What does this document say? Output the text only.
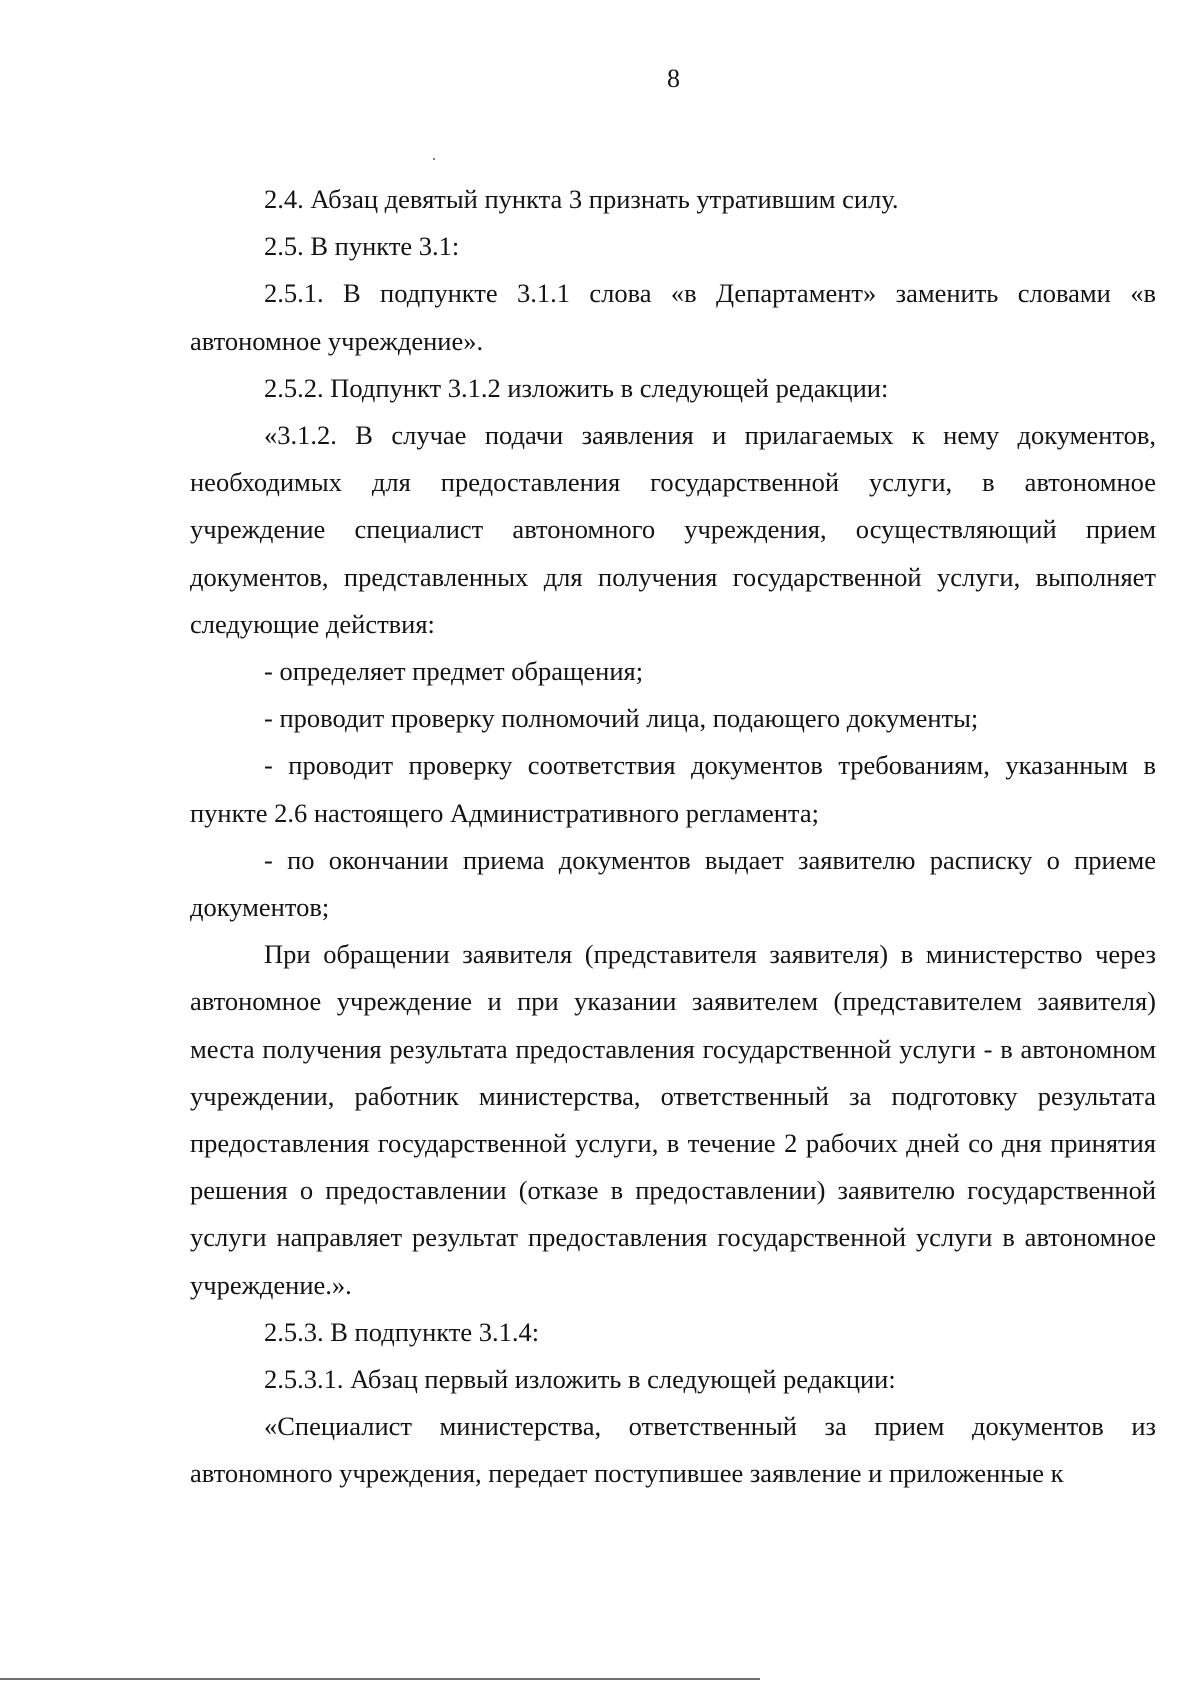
8

2.4. Абзац девятый пункта 3 признать утратившим силу.

2.5. В пункте 3.1:

2.5.1. В подпункте 3.1.1 слова «в Департамент» заменить словами «в автономное учреждение».

2.5.2. Подпункт 3.1.2 изложить в следующей редакции:

«3.1.2. В случае подачи заявления и прилагаемых к нему документов, необходимых для предоставления государственной услуги, в автономное учреждение специалист автономного учреждения, осуществляющий прием документов, представленных для получения государственной услуги, выполняет следующие действия:

- определяет предмет обращения;

- проводит проверку полномочий лица, подающего документы;

- проводит проверку соответствия документов требованиям, указанным в пункте 2.6 настоящего Административного регламента;

- по окончании приема документов выдает заявителю расписку о приеме документов;

При обращении заявителя (представителя заявителя) в министерство через автономное учреждение и при указании заявителем (представителем заявителя) места получения результата предоставления государственной услуги - в автономном учреждении, работник министерства, ответственный за подготовку результата предоставления государственной услуги, в течение 2 рабочих дней со дня принятия решения о предоставлении (отказе в предоставлении) заявителю государственной услуги направляет результат предоставления государственной услуги в автономное учреждение.».

2.5.3. В подпункте 3.1.4:

2.5.3.1. Абзац первый изложить в следующей редакции:

«Специалист министерства, ответственный за прием документов из автономного учреждения, передает поступившее заявление и приложенные к
